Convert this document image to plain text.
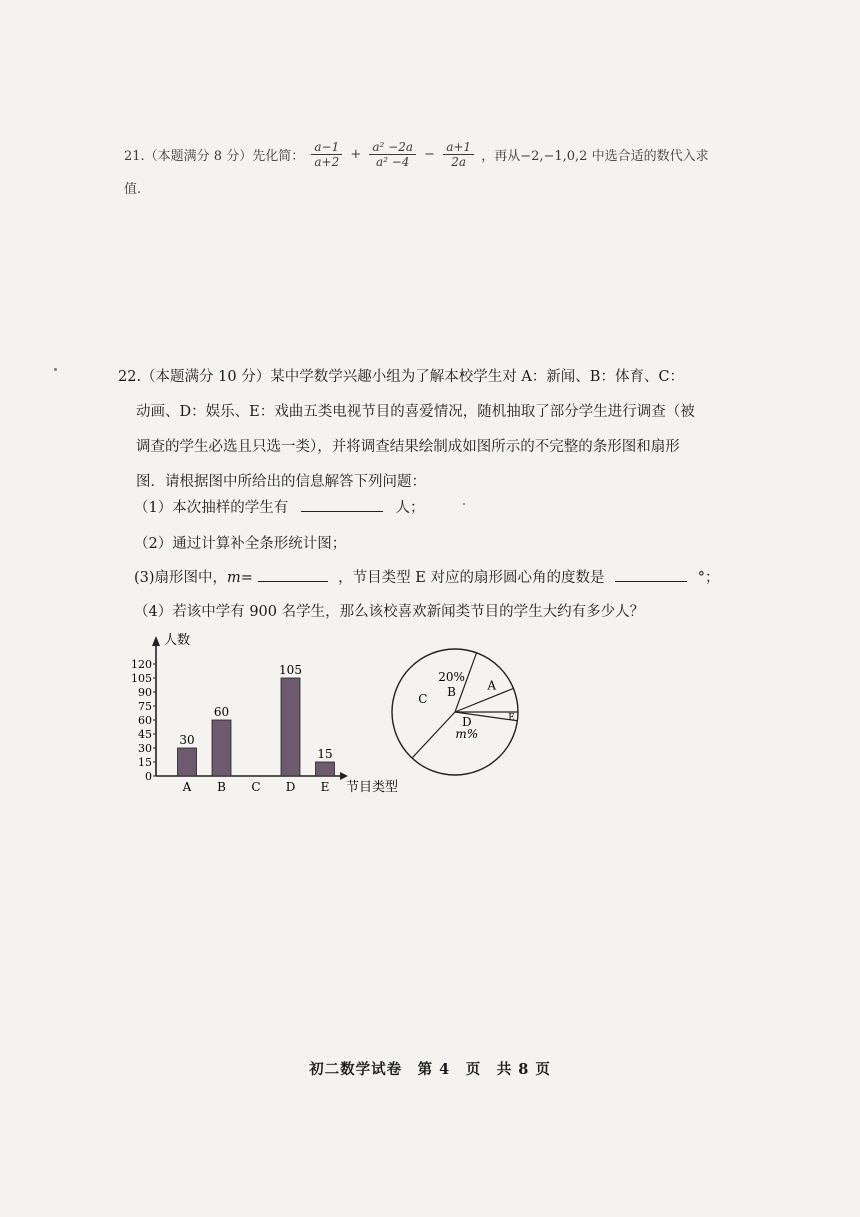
21.（本题满分 8 分）先化简： $\frac{a-1}{a+2} + \frac{\text{a² −2a}}{\text{a² −4}} - \frac{a+1}{2a}$ ，再从−2,−1,0,2 中选合适的数代入求
值.

22.（本题满分 10 分）某中学数学兴趣小组为了解本校学生对 A：新闻、B：体育、C：

动画、D：娱乐、E：戏曲五类电视节目的喜爱情况，随机抽取了部分学生进行调查（被

调查的学生必选且只选一类），并将调查结果绘制成如图所示的不完整的条形图和扇形

图．请根据图中所给出的信息解答下列问题：

（1）本次抽样的学生有	人；
（2）通过计算补全条形统计图；
(3)扇形图中，m=	，节目类型 E 对应的扇形圆心角的度数是	°；
（4）若该中学有 900 名学生，那么该校喜欢新闻类节目的学生大约有多少人？
人数
节目类型
0
15
30
45
60
75
90
105
120
A
30
B
60
C D
105
E
15
A
E
m%
D
C
20%
B
初二数学试卷　第 4　页　共 8 页
